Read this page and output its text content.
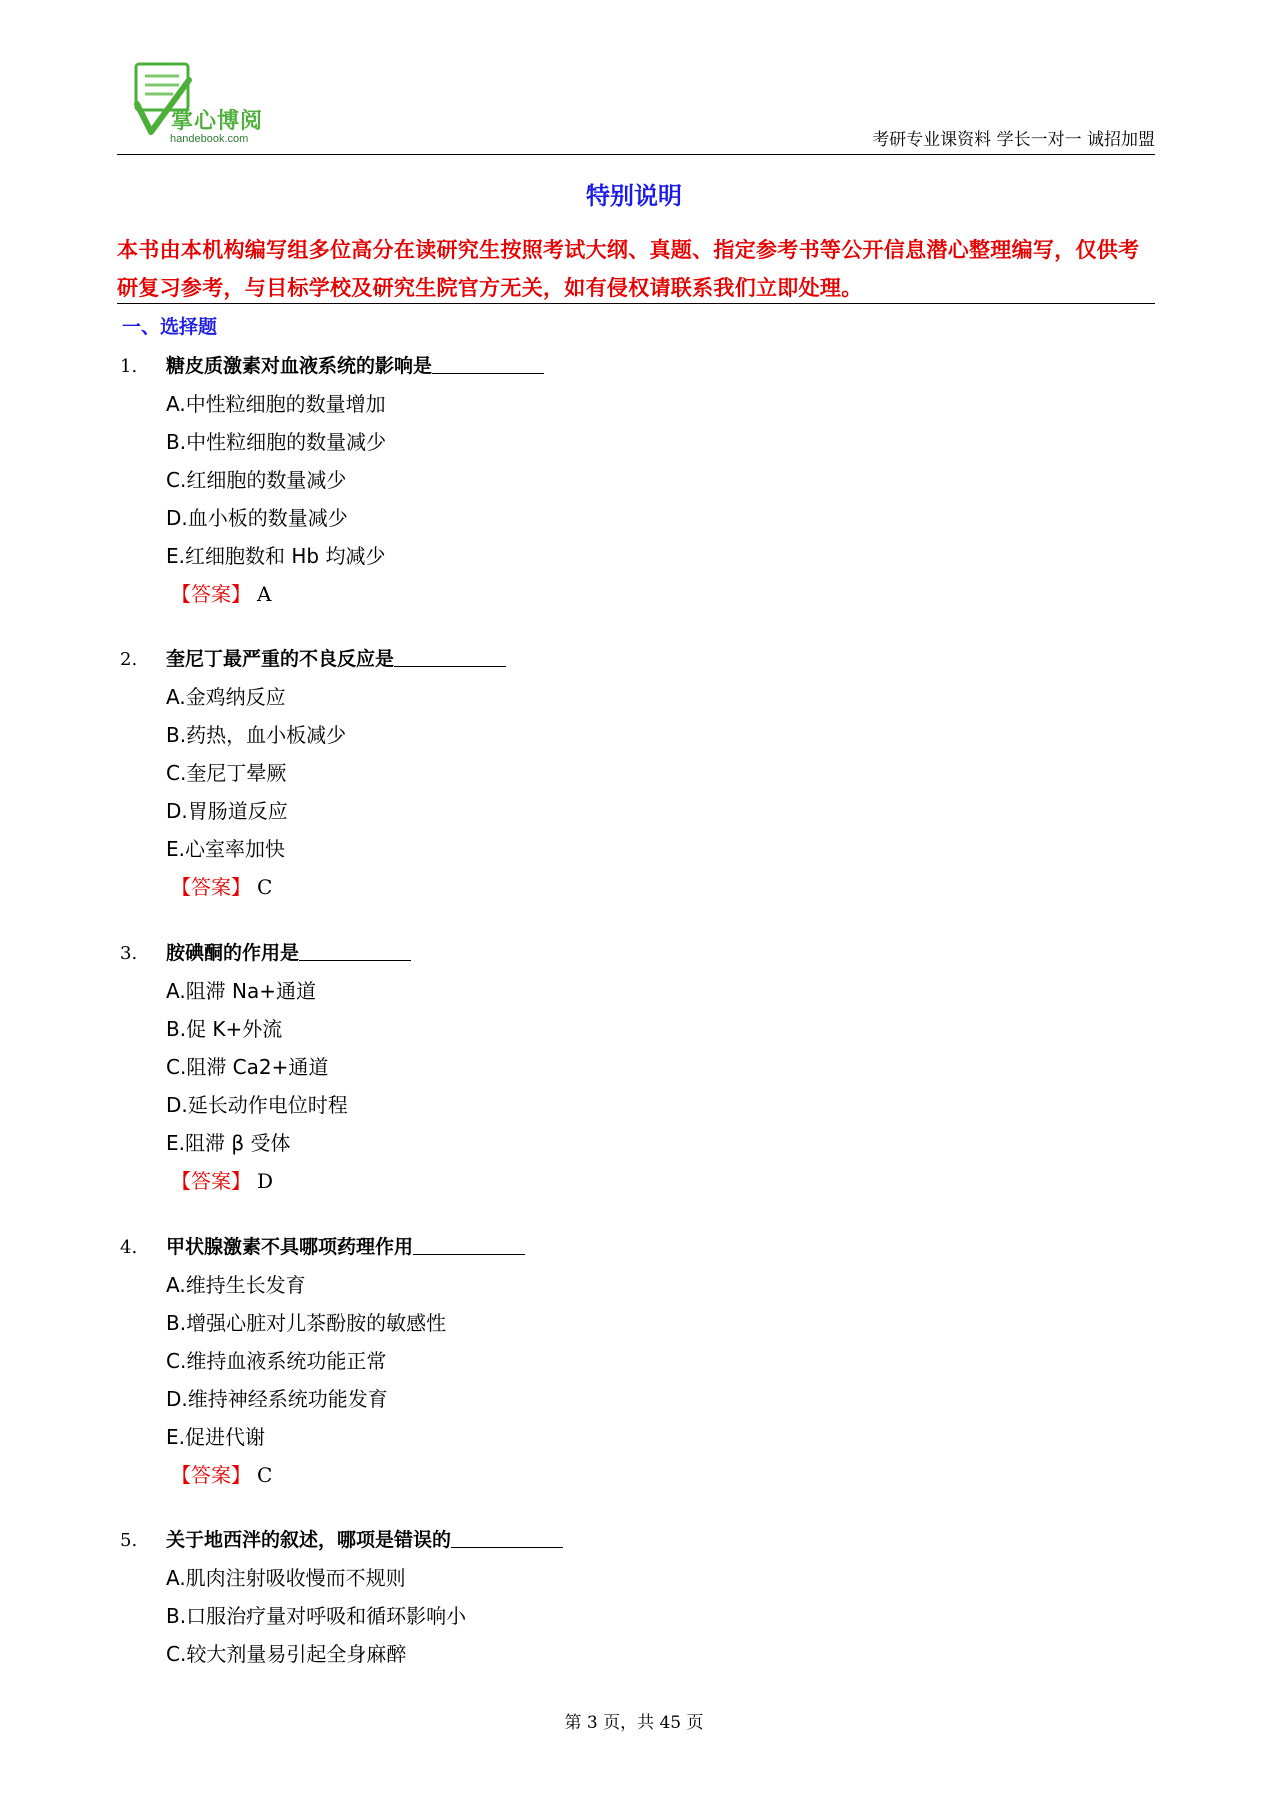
掌心博阅
handebook.com	考研专业课资料 学长一对一 诚招加盟
特别说明
本书由本机构编写组多位高分在读研究生按照考试大纲、真题、指定参考书等公开信息潜心整理编写，仅供考研复习参考，与目标学校及研究生院官方无关，如有侵权请联系我们立即处理。
一、选择题
1. 糖皮质激素对血液系统的影响是
A.中性粒细胞的数量增加
B.中性粒细胞的数量减少
C.红细胞的数量减少
D.血小板的数量减少
E.红细胞数和 Hb 均减少
【答案】 A
2. 奎尼丁最严重的不良反应是
A.金鸡纳反应
B.药热，血小板减少
C.奎尼丁晕厥
D.胃肠道反应
E.心室率加快
【答案】 C
3. 胺碘酮的作用是
A.阻滞 Na+通道
B.促 K+外流
C.阻滞 Ca2+通道
D.延长动作电位时程
E.阻滞 β 受体
【答案】 D
4. 甲状腺激素不具哪项药理作用
A.维持生长发育
B.增强心脏对儿茶酚胺的敏感性
C.维持血液系统功能正常
D.维持神经系统功能发育
E.促进代谢
【答案】 C
5. 关于地西泮的叙述，哪项是错误的
A.肌肉注射吸收慢而不规则
B.口服治疗量对呼吸和循环影响小
C.较大剂量易引起全身麻醉
第 3 页，共 45 页
